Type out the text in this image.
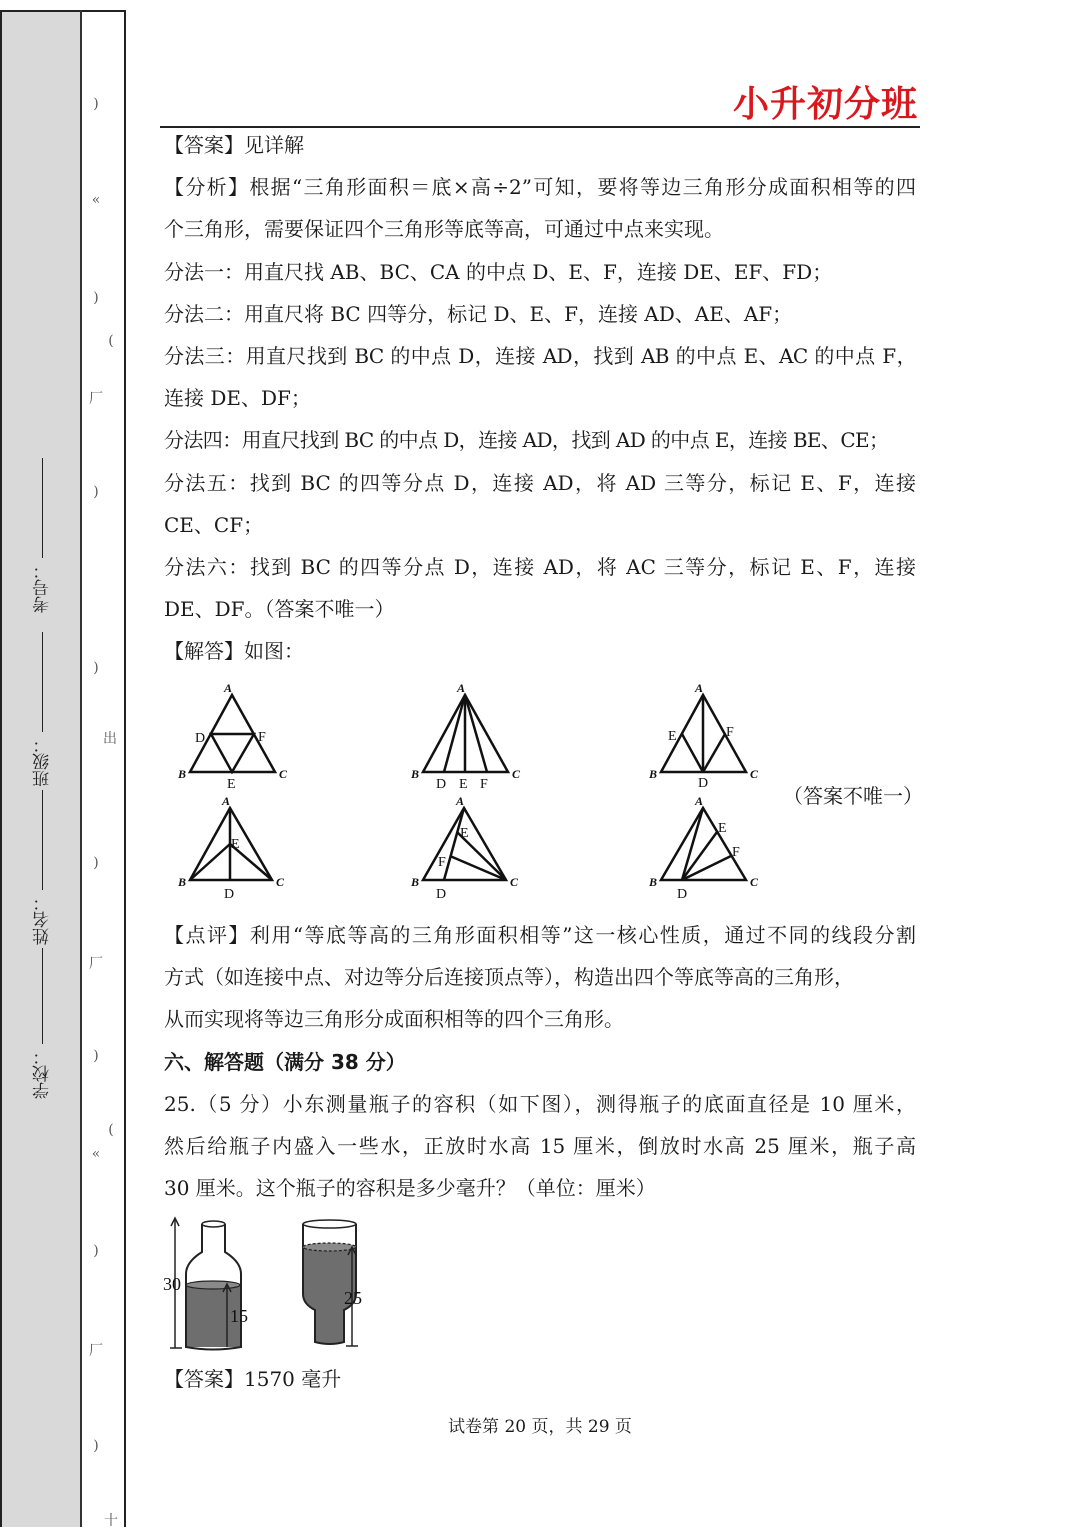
)
«
)
(
厂
)
)
出
)
厂
)
(
«
)
厂
)
十
考号：
班级：
姓名：
学校：
小升初分班

【答案】见详解

【分析】根据“三角形面积＝底×高÷2”可知，要将等边三角形分成面积相等的四

个三角形，需要保证四个三角形等底等高，可通过中点来实现。

分法一：用直尺找 AB、BC、CA 的中点 D、E、F，连接 DE、EF、FD；

分法二：用直尺将 BC 四等分，标记 D、E、F，连接 AD、AE、AF；

分法三：用直尺找到 BC 的中点 D，连接 AD，找到 AB 的中点 E、AC 的中点 F，

连接 DE、DF；

分法四：用直尺找到 BC 的中点 D，连接 AD，找到 AD 的中点 E，连接 BE、CE；

分法五：找到 BC 的四等分点 D，连接 AD，将 AD 三等分，标记 E、F，连接

CE、CF；

分法六：找到 BC 的四等分点 D，连接 AD，将 AC 三等分，标记 E、F，连接

DE、DF。（答案不唯一）

【解答】如图：

A
B	C
D
E
F
A
B	C
D E F
A
B	C
D
E	F
A
B	C
D
E
A
B	C
D
E
F
A
B	C
D
E
F
（答案不唯一）

【点评】利用“等底等高的三角形面积相等”这一核心性质，通过不同的线段分割

方式（如连接中点、对边等分后连接顶点等），构造出四个等底等高的三角形，

从而实现将等边三角形分成面积相等的四个三角形。

六、解答题（满分 38 分）

25.（5 分）小东测量瓶子的容积（如下图），测得瓶子的底面直径是 10 厘米，

然后给瓶子内盛入一些水，正放时水高 15 厘米，倒放时水高 25 厘米，瓶子高

30 厘米。这个瓶子的容积是多少毫升？（单位：厘米）

30
15
25

【答案】1570 毫升

试卷第 20 页，共 29 页
